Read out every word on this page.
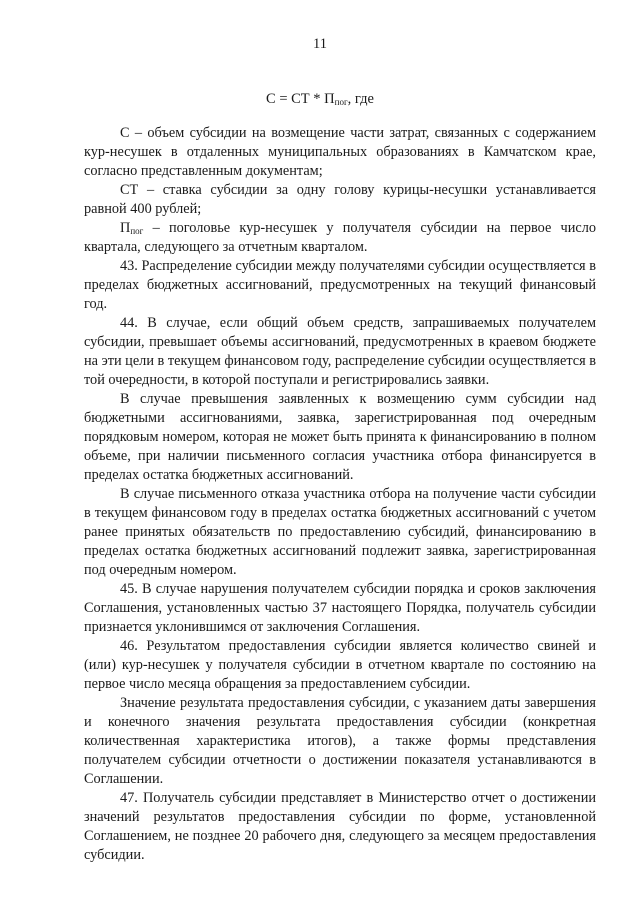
11
С = СТ * $П_{пог}$, где

С – объем субсидии на возмещение части затрат, связанных с содержанием кур-несушек в отдаленных муниципальных образованиях в Камчатском крае, согласно представленным документам;

СТ – ставка субсидии за одну голову курицы-несушки устанавливается равной 400 рублей;

$П_{пог}$ – поголовье кур-несушек у получателя субсидии на первое число квартала, следующего за отчетным кварталом.

43. Распределение субсидии между получателями субсидии осуществляется в пределах бюджетных ассигнований, предусмотренных на текущий финансовый год.

44. В случае, если общий объем средств, запрашиваемых получателем субсидии, превышает объемы ассигнований, предусмотренных в краевом бюджете на эти цели в текущем финансовом году, распределение субсидии осуществляется в той очередности, в которой поступали и регистрировались заявки.

В случае превышения заявленных к возмещению сумм субсидии над бюджетными ассигнованиями, заявка, зарегистрированная под очередным порядковым номером, которая не может быть принята к финансированию в полном объеме, при наличии письменного согласия участника отбора финансируется в пределах остатка бюджетных ассигнований.

В случае письменного отказа участника отбора на получение части субсидии в текущем финансовом году в пределах остатка бюджетных ассигнований с учетом ранее принятых обязательств по предоставлению субсидий, финансированию в пределах остатка бюджетных ассигнований подлежит заявка, зарегистрированная под очередным номером.

45. В случае нарушения получателем субсидии порядка и сроков заключения Соглашения, установленных частью 37 настоящего Порядка, получатель субсидии признается уклонившимся от заключения Соглашения.

46. Результатом предоставления субсидии является количество свиней и (или) кур-несушек у получателя субсидии в отчетном квартале по состоянию на первое число месяца обращения за предоставлением субсидии.

Значение результата предоставления субсидии, с указанием даты завершения и конечного значения результата предоставления субсидии (конкретная количественная характеристика итогов), а также формы представления получателем субсидии отчетности о достижении показателя устанавливаются в Соглашении.

47. Получатель субсидии представляет в Министерство отчет о достижении значений результатов предоставления субсидии по форме, установленной Соглашением, не позднее 20 рабочего дня, следующего за месяцем предоставления субсидии.
